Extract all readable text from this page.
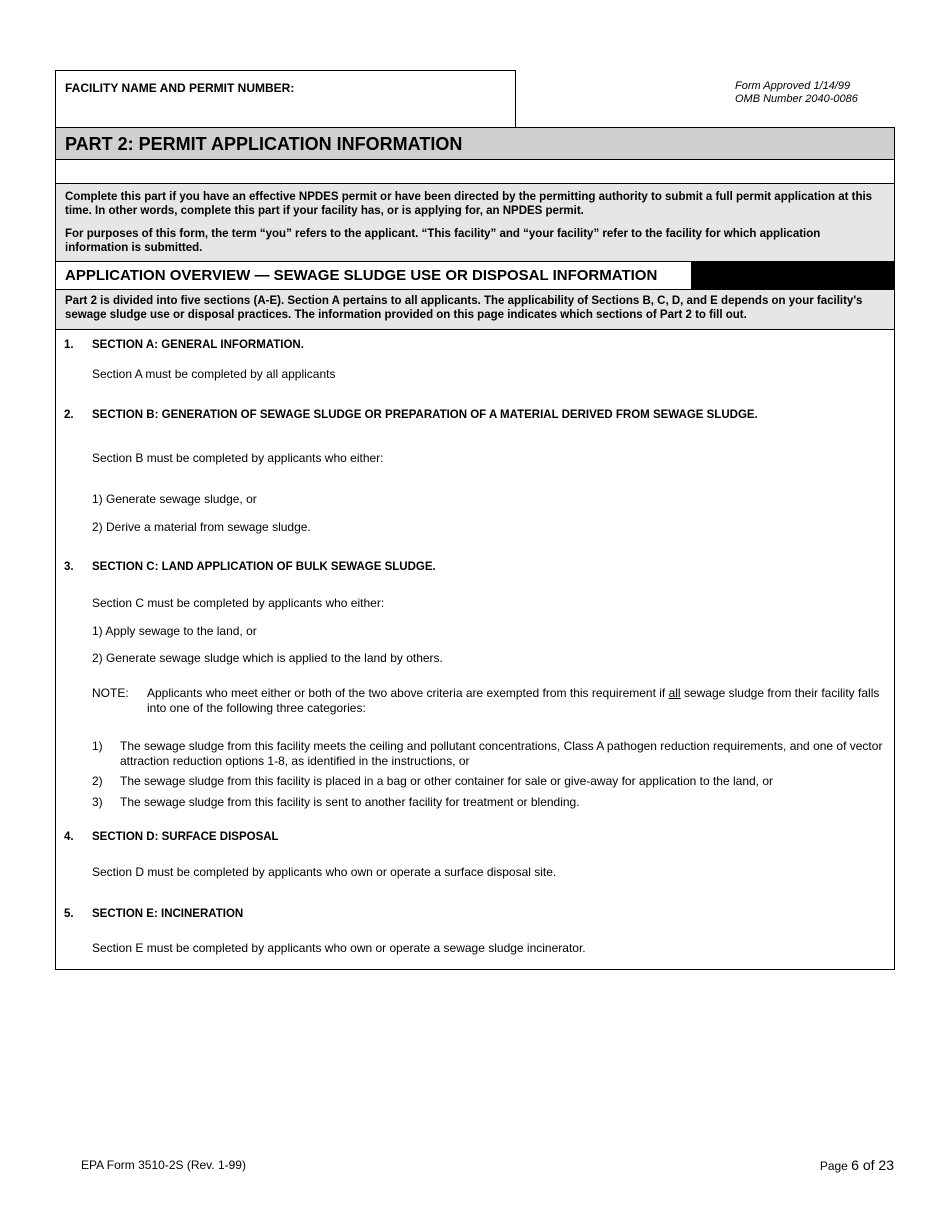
FACILITY NAME AND PERMIT NUMBER:	Form Approved 1/14/99
OMB Number 2040-0086
PART 2: PERMIT APPLICATION INFORMATION
Complete this part if you have an effective NPDES permit or have been directed by the permitting authority to submit a full permit application at this time. In other words, complete this part if your facility has, or is applying for, an NPDES permit.
For purposes of this form, the term “you” refers to the applicant. “This facility” and “your facility” refer to the facility for which application information is submitted.
APPLICATION OVERVIEW — SEWAGE SLUDGE USE OR DISPOSAL INFORMATION
Part 2 is divided into five sections (A-E). Section A pertains to all applicants. The applicability of Sections B, C, D, and E depends on your facility's sewage sludge use or disposal practices. The information provided on this page indicates which sections of Part 2 to fill out.
1. SECTION A: GENERAL INFORMATION.
Section A must be completed by all applicants
2. SECTION B: GENERATION OF SEWAGE SLUDGE OR PREPARATION OF A MATERIAL DERIVED FROM SEWAGE SLUDGE.
Section B must be completed by applicants who either:
1) Generate sewage sludge, or
2) Derive a material from sewage sludge.
3. SECTION C: LAND APPLICATION OF BULK SEWAGE SLUDGE.
Section C must be completed by applicants who either:
1) Apply sewage to the land, or
2) Generate sewage sludge which is applied to the land by others.
NOTE: Applicants who meet either or both of the two above criteria are exempted from this requirement if all sewage sludge from their facility falls into one of the following three categories:
1) The sewage sludge from this facility meets the ceiling and pollutant concentrations, Class A pathogen reduction requirements, and one of vector attraction reduction options 1-8, as identified in the instructions, or
2) The sewage sludge from this facility is placed in a bag or other container for sale or give-away for application to the land, or
3) The sewage sludge from this facility is sent to another facility for treatment or blending.
4. SECTION D: SURFACE DISPOSAL
Section D must be completed by applicants who own or operate a surface disposal site.
5. SECTION E: INCINERATION
Section E must be completed by applicants who own or operate a sewage sludge incinerator.
EPA Form 3510-2S (Rev. 1-99)	Page 6 of 23
